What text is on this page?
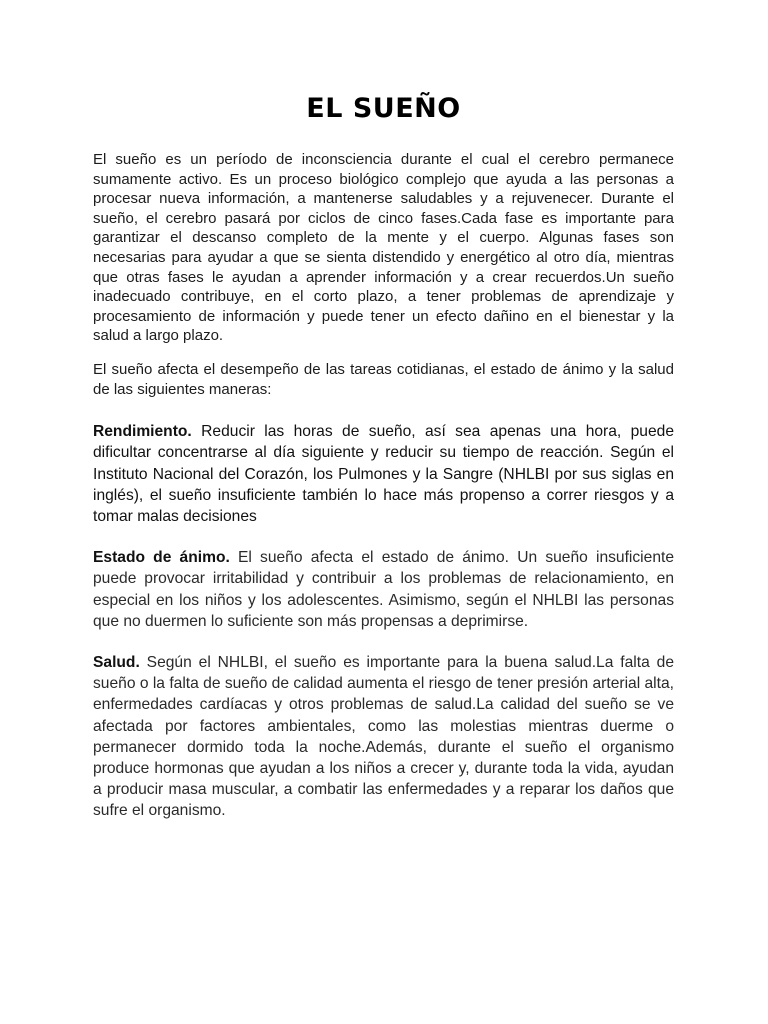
EL SUEÑO

El sueño es un período de inconsciencia durante el cual el cerebro permanece sumamente activo. Es un proceso biológico complejo que ayuda a las personas a procesar nueva información, a mantenerse saludables y a rejuvenecer. Durante el sueño, el cerebro pasará por ciclos de cinco fases.Cada fase es importante para garantizar el descanso completo de la mente y el cuerpo. Algunas fases son necesarias para ayudar a que se sienta distendido y energético al otro día, mientras que otras fases le ayudan a aprender información y a crear recuerdos.Un sueño inadecuado contribuye, en el corto plazo, a tener problemas de aprendizaje y procesamiento de información y puede tener un efecto dañino en el bienestar y la salud a largo plazo.

El sueño afecta el desempeño de las tareas cotidianas, el estado de ánimo y la salud de las siguientes maneras:

Rendimiento. Reducir las horas de sueño, así sea apenas una hora, puede dificultar concentrarse al día siguiente y reducir su tiempo de reacción. Según el Instituto Nacional del Corazón, los Pulmones y la Sangre (NHLBI por sus siglas en inglés), el sueño insuficiente también lo hace más propenso a correr riesgos y a tomar malas decisiones

Estado de ánimo. El sueño afecta el estado de ánimo. Un sueño insuficiente puede provocar irritabilidad y contribuir a los problemas de relacionamiento, en especial en los niños y los adolescentes. Asimismo, según el NHLBI las personas que no duermen lo suficiente son más propensas a deprimirse.

Salud. Según el NHLBI, el sueño es importante para la buena salud.La falta de sueño o la falta de sueño de calidad aumenta el riesgo de tener presión arterial alta, enfermedades cardíacas y otros problemas de salud.La calidad del sueño se ve afectada por factores ambientales, como las molestias mientras duerme o permanecer dormido toda la noche.Además, durante el sueño el organismo produce hormonas que ayudan a los niños a crecer y, durante toda la vida, ayudan a producir masa muscular, a combatir las enfermedades y a reparar los daños que sufre el organismo.
